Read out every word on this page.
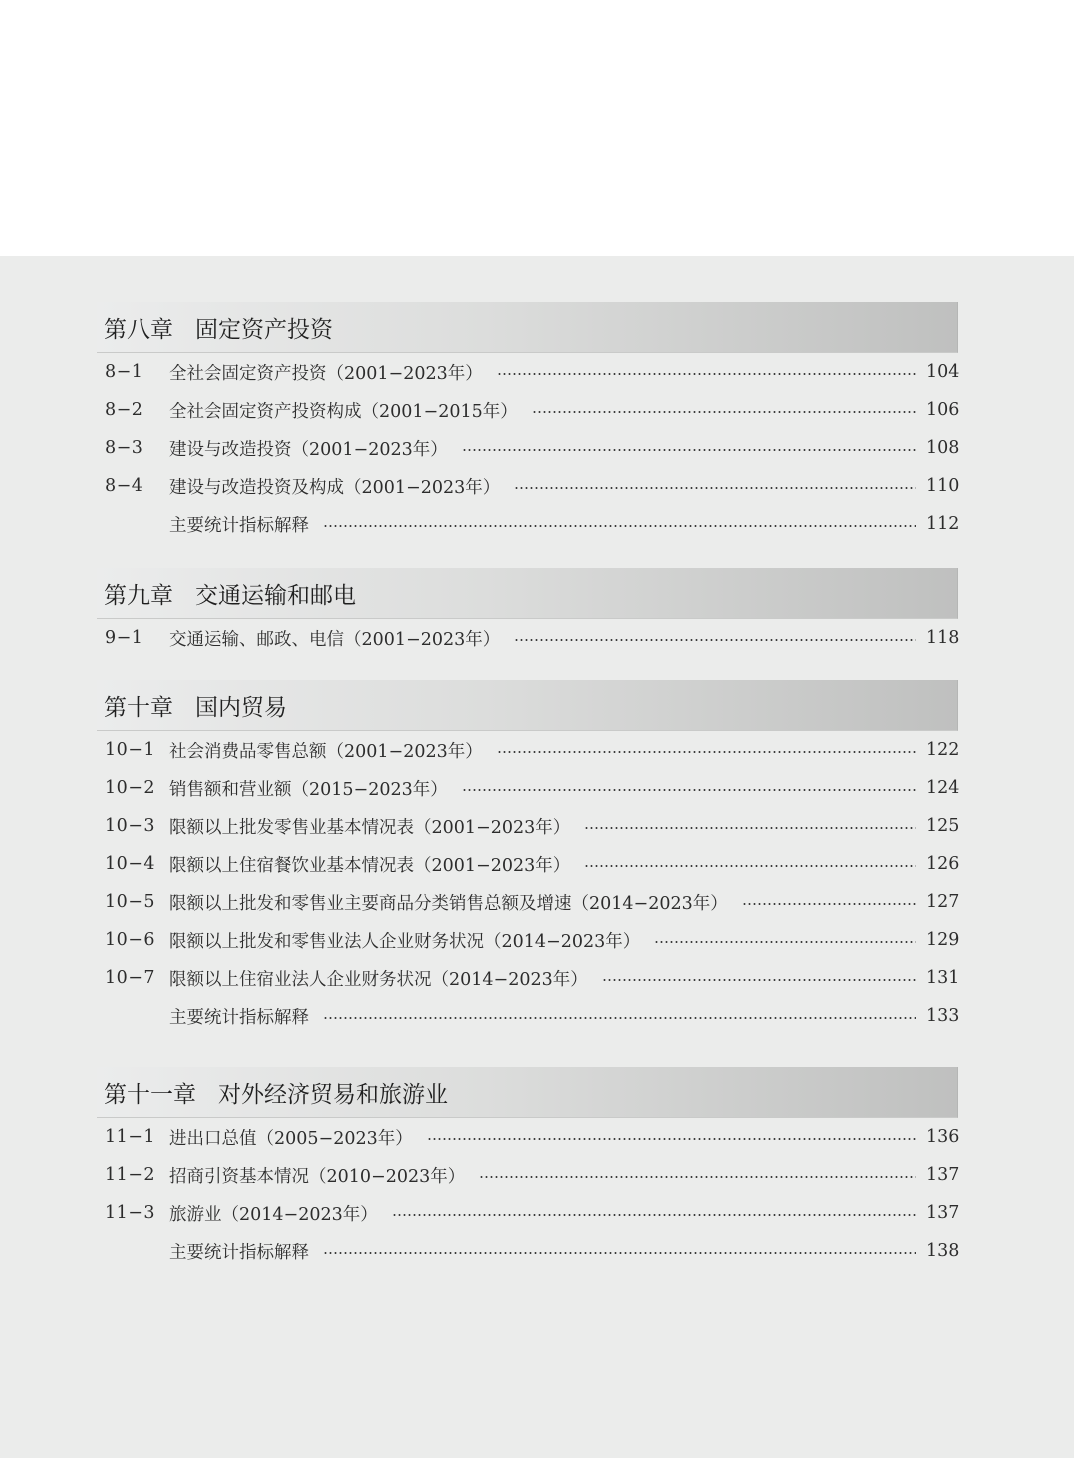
第八章 固定资产投资
8−1	全社会固定资产投资（2001−2023年）	104
8−2	全社会固定资产投资构成（2001−2015年）	106
8−3	建设与改造投资（2001−2023年）	108
8−4	建设与改造投资及构成（2001−2023年）	110
主要统计指标解释	112
第九章 交通运输和邮电
9−1	交通运输、邮政、电信（2001−2023年）	118
第十章 国内贸易
10−1 社会消费品零售总额（2001−2023年）	122
10−2 销售额和营业额（2015−2023年）	124
10−3 限额以上批发零售业基本情况表（2001−2023年）	125
10−4 限额以上住宿餐饮业基本情况表（2001−2023年）	126
10−5 限额以上批发和零售业主要商品分类销售总额及增速（2014−2023年）	127
10−6 限额以上批发和零售业法人企业财务状况（2014−2023年）	129
10−7 限额以上住宿业法人企业财务状况（2014−2023年）	131
主要统计指标解释	133
第十一章 对外经济贸易和旅游业
11−1 进出口总值（2005−2023年）	136
11−2 招商引资基本情况（2010−2023年）	137
11−3 旅游业（2014−2023年）	137
主要统计指标解释	138
